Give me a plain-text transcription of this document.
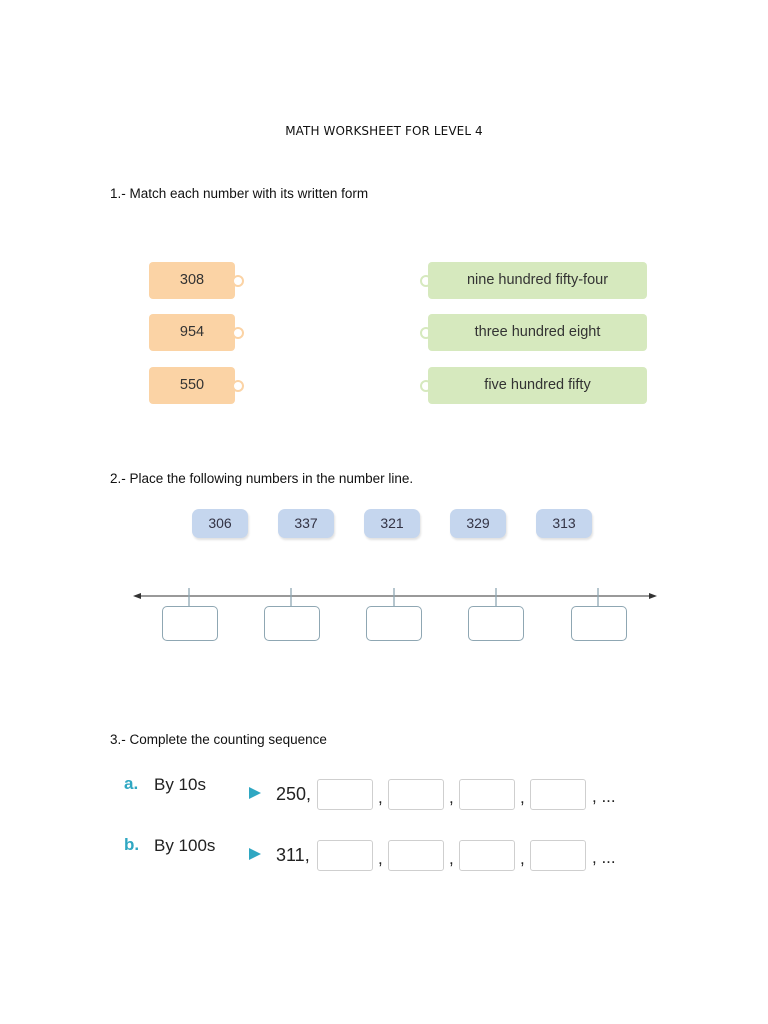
MATH WORKSHEET FOR LEVEL 4
1.- Match each number with its written form
308
954
550
nine hundred fifty-four
three hundred eight
five hundred fifty
2.- Place the following numbers in the number line.
306	337	321	329	313
3.- Complete the counting sequence
a. By 10s	250,	,	,	,	, ...
b. By 100s	311,	,	,	,	, ...
